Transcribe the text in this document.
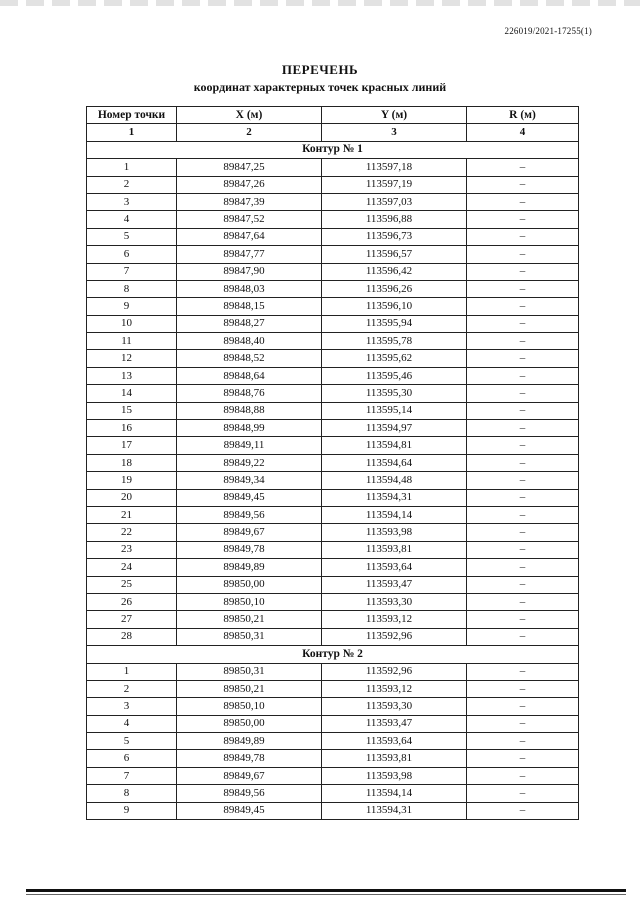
226019/2021-17255(1)
ПЕРЕЧЕНЬ
координат характерных точек красных линий
Номер точки	X (м)	Y (м)	R (м)
1	2	3	4
Контур № 1			
1	89847,25	113597,18	–
2	89847,26	113597,19	–
3	89847,39	113597,03	–
4	89847,52	113596,88	–
5	89847,64	113596,73	–
6	89847,77	113596,57	–
7	89847,90	113596,42	–
8	89848,03	113596,26	–
9	89848,15	113596,10	–
10	89848,27	113595,94	–
11	89848,40	113595,78	–
12	89848,52	113595,62	–
13	89848,64	113595,46	–
14	89848,76	113595,30	–
15	89848,88	113595,14	–
16	89848,99	113594,97	–
17	89849,11	113594,81	–
18	89849,22	113594,64	–
19	89849,34	113594,48	–
20	89849,45	113594,31	–
21	89849,56	113594,14	–
22	89849,67	113593,98	–
23	89849,78	113593,81	–
24	89849,89	113593,64	–
25	89850,00	113593,47	–
26	89850,10	113593,30	–
27	89850,21	113593,12	–
28	89850,31	113592,96	–
Контур № 2			
1	89850,31	113592,96	–
2	89850,21	113593,12	–
3	89850,10	113593,30	–
4	89850,00	113593,47	–
5	89849,89	113593,64	–
6	89849,78	113593,81	–
7	89849,67	113593,98	–
8	89849,56	113594,14	–
9	89849,45	113594,31	–
